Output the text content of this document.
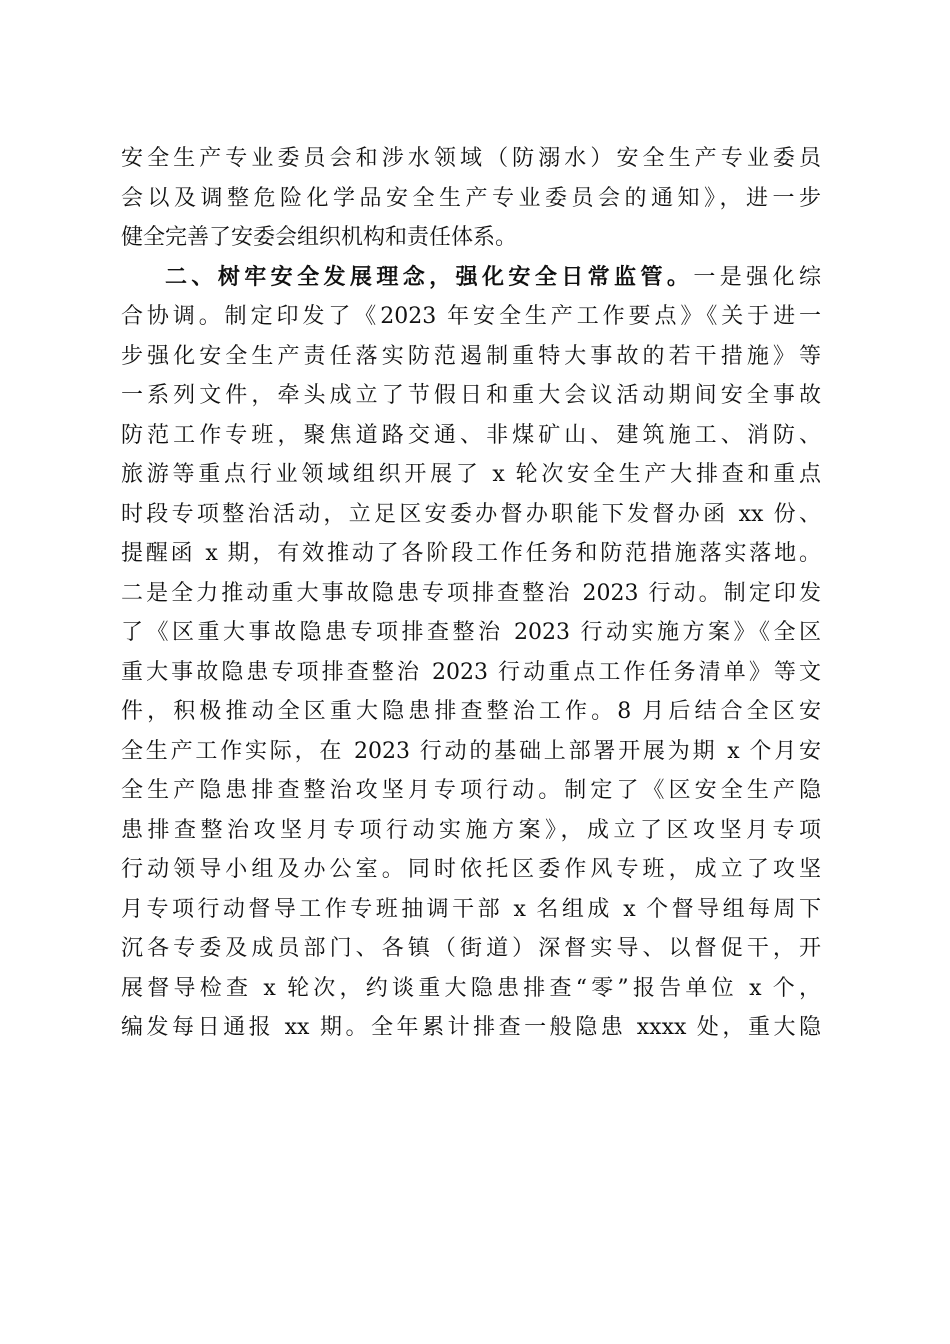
安全生产专业委员会和涉水领域（防溺水）安全生产专业委员
会以及调整危险化学品安全生产专业委员会的通知》，进一步
健全完善了安委会组织机构和责任体系。
二、树牢安全发展理念，强化安全日常监管。一是强化综
合协调。制定印发了《2023 年安全生产工作要点》《关于进一
步强化安全生产责任落实防范遏制重特大事故的若干措施》等
一系列文件，牵头成立了节假日和重大会议活动期间安全事故
防范工作专班，聚焦道路交通、非煤矿山、建筑施工、消防、
旅游等重点行业领域组织开展了 x 轮次安全生产大排查和重点
时段专项整治活动，立足区安委办督办职能下发督办函 xx 份、
提醒函 x 期，有效推动了各阶段工作任务和防范措施落实落地。
二是全力推动重大事故隐患专项排查整治 2023 行动。制定印发
了《区重大事故隐患专项排查整治 2023 行动实施方案》《全区
重大事故隐患专项排查整治 2023 行动重点工作任务清单》等文
件，积极推动全区重大隐患排查整治工作。8 月后结合全区安
全生产工作实际，在 2023 行动的基础上部署开展为期 x 个月安
全生产隐患排查整治攻坚月专项行动。制定了《区安全生产隐
患排查整治攻坚月专项行动实施方案》，成立了区攻坚月专项
行动领导小组及办公室。同时依托区委作风专班，成立了攻坚
月专项行动督导工作专班抽调干部 x 名组成 x 个督导组每周下
沉各专委及成员部门、各镇（街道）深督实导、以督促干，开
展督导检查 x 轮次，约谈重大隐患排查“零”报告单位 x 个，
编发每日通报 xx 期。全年累计排查一般隐患 xxxx 处，重大隐
